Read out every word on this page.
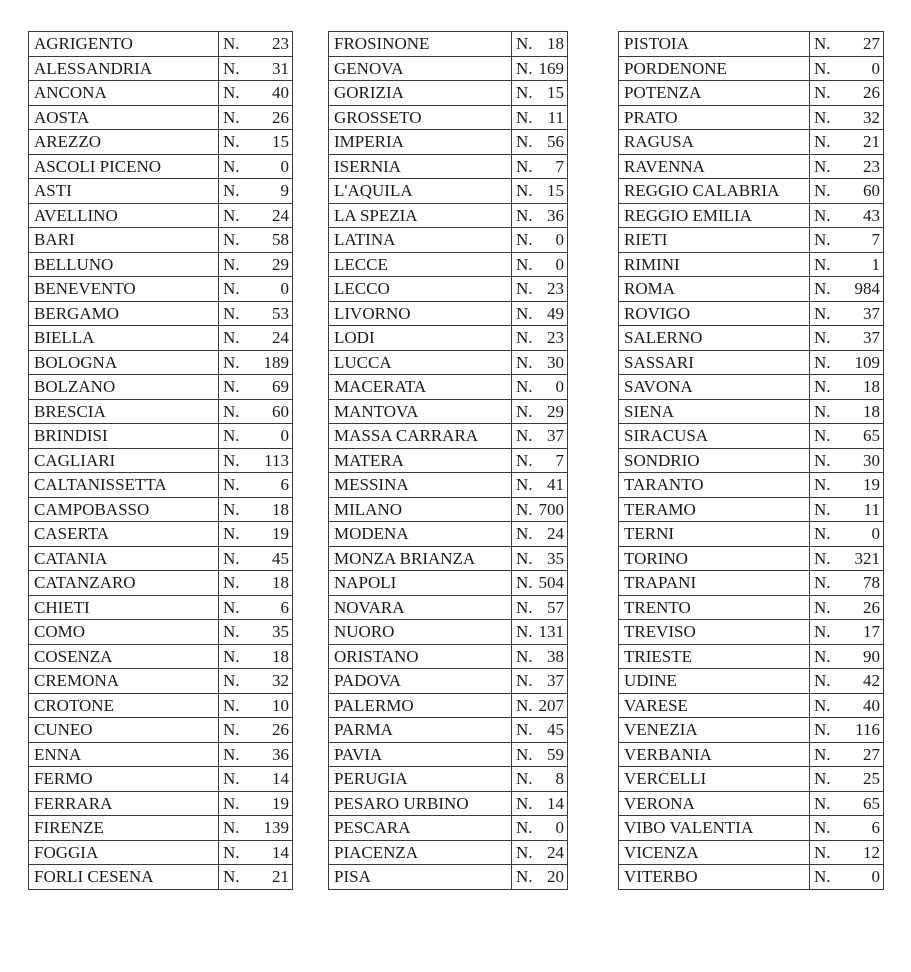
AGRIGENTO	N. 23

ALESSANDRIA	N. 31

ANCONA	N. 40

AOSTA	N. 26

AREZZO	N. 15

ASCOLI PICENO	N. 0

ASTI	N. 9

AVELLINO	N. 24

BARI	N. 58

BELLUNO	N. 29

BENEVENTO	N. 0

BERGAMO	N. 53

BIELLA	N. 24

BOLOGNA	N. 189

BOLZANO	N. 69

BRESCIA	N. 60

BRINDISI	N. 0

CAGLIARI	N. 113

CALTANISSETTA	N. 6

CAMPOBASSO	N. 18

CASERTA	N. 19

CATANIA	N. 45

CATANZARO	N. 18

CHIETI	N. 6

COMO	N. 35

COSENZA	N. 18

CREMONA	N. 32

CROTONE	N. 10

CUNEO	N. 26

ENNA	N. 36

FERMO	N. 14

FERRARA	N. 19

FIRENZE	N. 139

FOGGIA	N. 14

FORLI CESENA	N. 21
FROSINONE	N. 18

GENOVA	N. 169

GORIZIA	N. 15

GROSSETO	N. 11

IMPERIA	N. 56

ISERNIA	N. 7

L'AQUILA	N. 15

LA SPEZIA	N. 36

LATINA	N. 0

LECCE	N. 0

LECCO	N. 23

LIVORNO	N. 49

LODI	N. 23

LUCCA	N. 30

MACERATA	N. 0

MANTOVA	N. 29

MASSA CARRARA	N. 37

MATERA	N. 7

MESSINA	N. 41

MILANO	N. 700

MODENA	N. 24

MONZA BRIANZA	N. 35

NAPOLI	N. 504

NOVARA	N. 57

NUORO	N. 131

ORISTANO	N. 38

PADOVA	N. 37

PALERMO	N. 207

PARMA	N. 45

PAVIA	N. 59

PERUGIA	N. 8

PESARO URBINO	N. 14

PESCARA	N. 0

PIACENZA	N. 24

PISA	N. 20
PISTOIA	N. 27

PORDENONE	N. 0

POTENZA	N. 26

PRATO	N. 32

RAGUSA	N. 21

RAVENNA	N. 23

REGGIO CALABRIA	N. 60

REGGIO EMILIA	N. 43

RIETI	N. 7

RIMINI	N. 1

ROMA	N. 984

ROVIGO	N. 37

SALERNO	N. 37

SASSARI	N. 109

SAVONA	N. 18

SIENA	N. 18

SIRACUSA	N. 65

SONDRIO	N. 30

TARANTO	N. 19

TERAMO	N. 11

TERNI	N. 0

TORINO	N. 321

TRAPANI	N. 78

TRENTO	N. 26

TREVISO	N. 17

TRIESTE	N. 90

UDINE	N. 42

VARESE	N. 40

VENEZIA	N. 116

VERBANIA	N. 27

VERCELLI	N. 25

VERONA	N. 65

VIBO VALENTIA	N. 6

VICENZA	N. 12

VITERBO	N. 0
